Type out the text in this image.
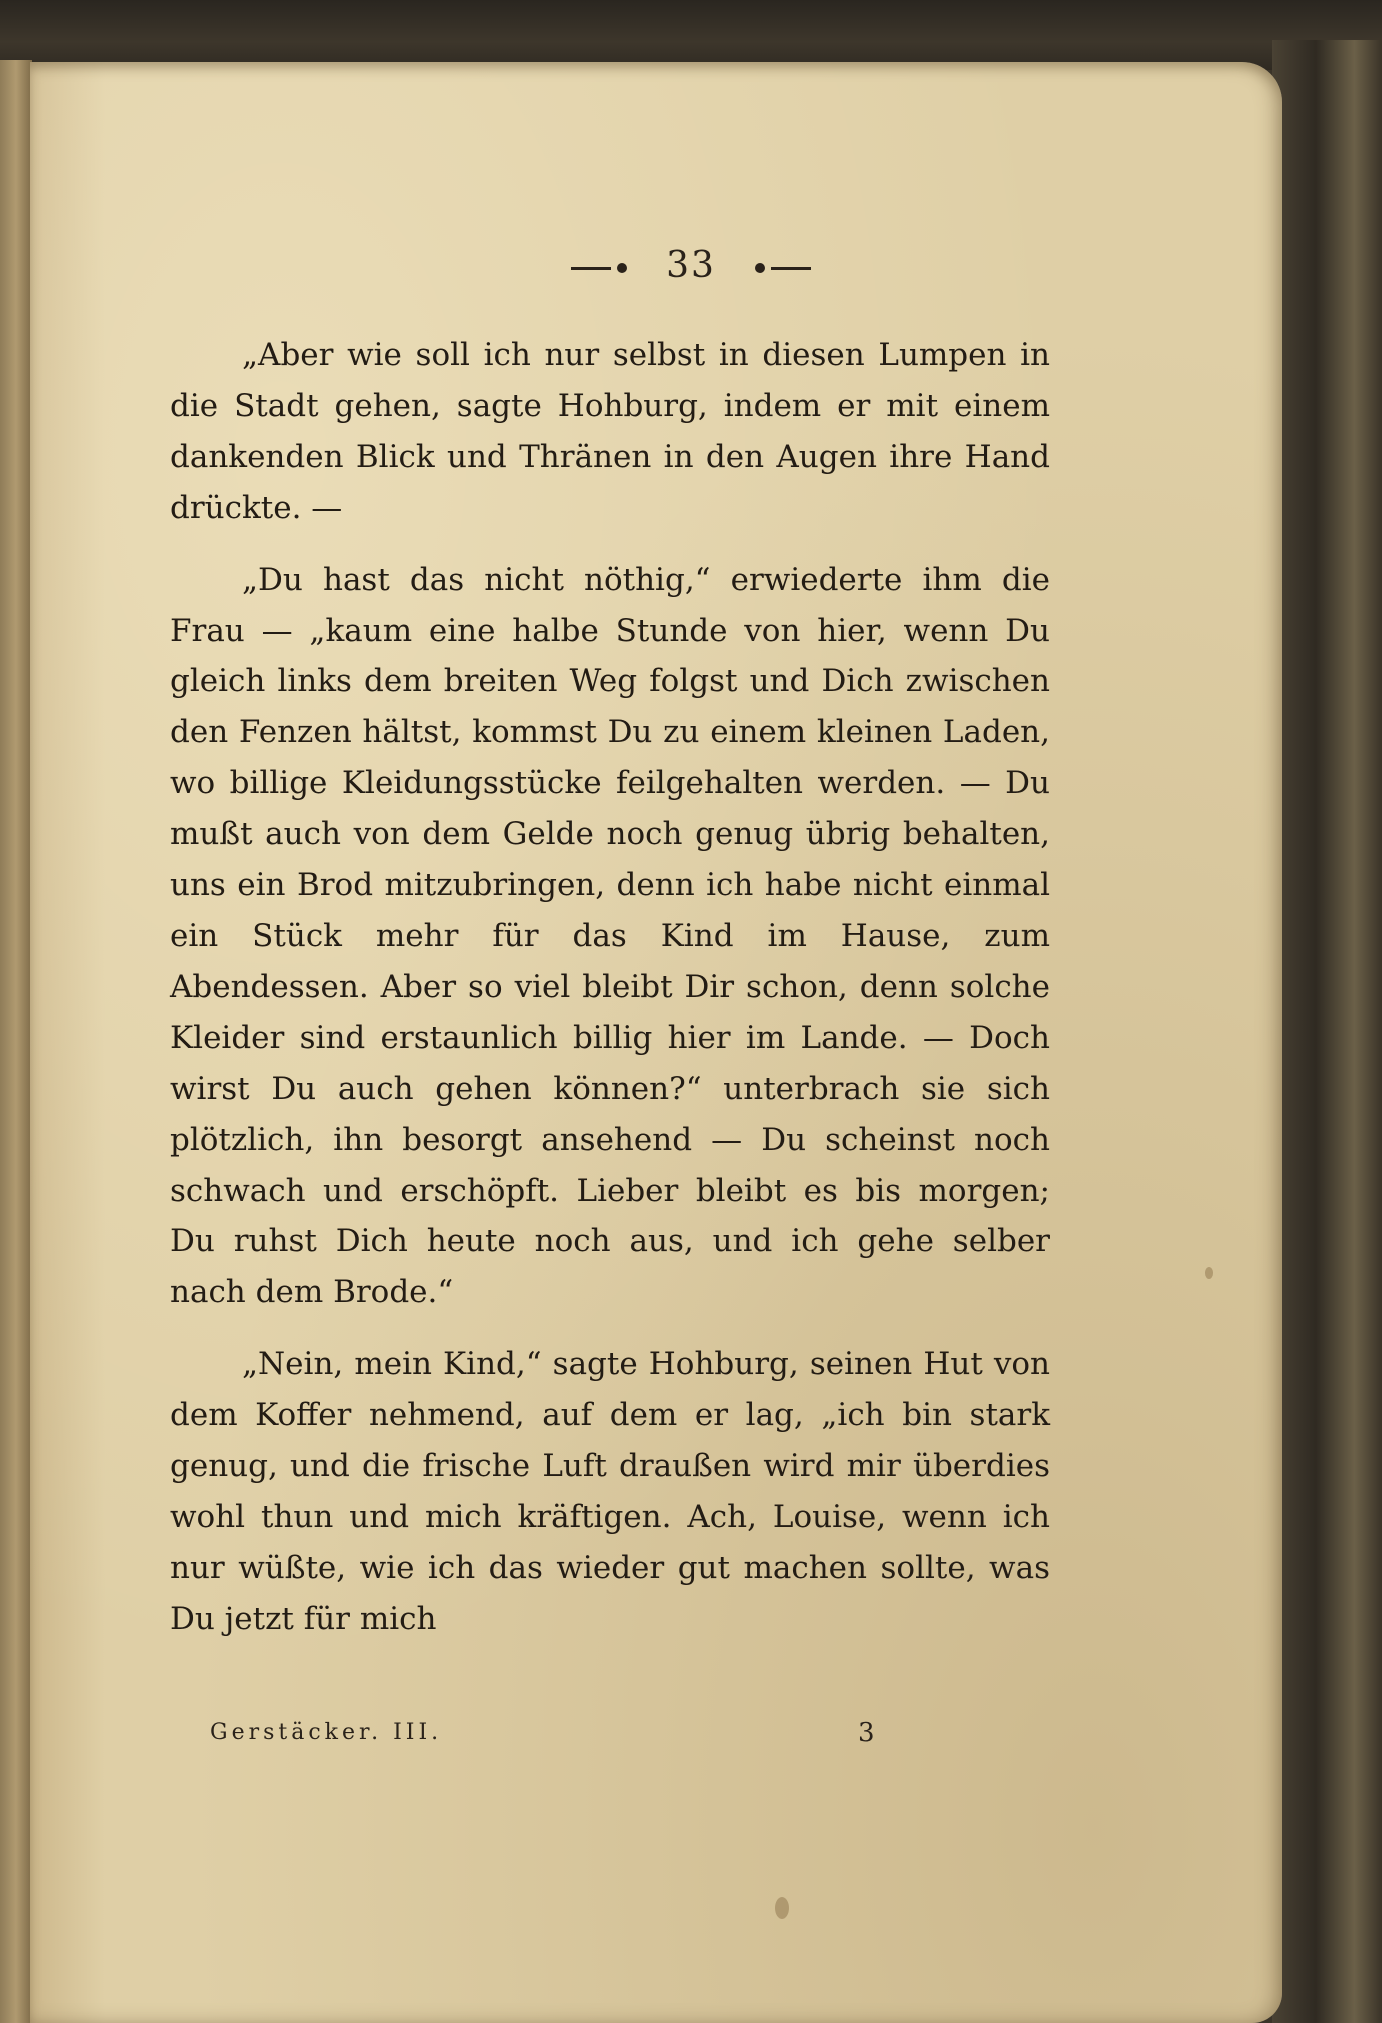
33

„Aber wie soll ich nur selbst in diesen Lumpen in die Stadt gehen, sagte Hohburg, indem er mit einem dankenden Blick und Thränen in den Augen ihre Hand drückte. —

„Du hast das nicht nöthig,“ erwiederte ihm die Frau — „kaum eine halbe Stunde von hier, wenn Du gleich links dem breiten Weg folgst und Dich zwischen den Fenzen hältst, kommst Du zu einem kleinen Laden, wo billige Kleidungsstücke feilgehalten werden. — Du mußt auch von dem Gelde noch genug übrig behalten, uns ein Brod mitzubringen, denn ich habe nicht einmal ein Stück mehr für das Kind im Hause, zum Abendessen. Aber so viel bleibt Dir schon, denn solche Kleider sind erstaunlich billig hier im Lande. — Doch wirst Du auch gehen können?“ unterbrach sie sich plötzlich, ihn besorgt ansehend — Du scheinst noch schwach und erschöpft. Lieber bleibt es bis morgen; Du ruhst Dich heute noch aus, und ich gehe selber nach dem Brode.“

„Nein, mein Kind,“ sagte Hohburg, seinen Hut von dem Koffer nehmend, auf dem er lag, „ich bin stark genug, und die frische Luft draußen wird mir überdies wohl thun und mich kräftigen. Ach, Louise, wenn ich nur wüßte, wie ich das wieder gut machen sollte, was Du jetzt für mich

Gerstäcker. III.	3
